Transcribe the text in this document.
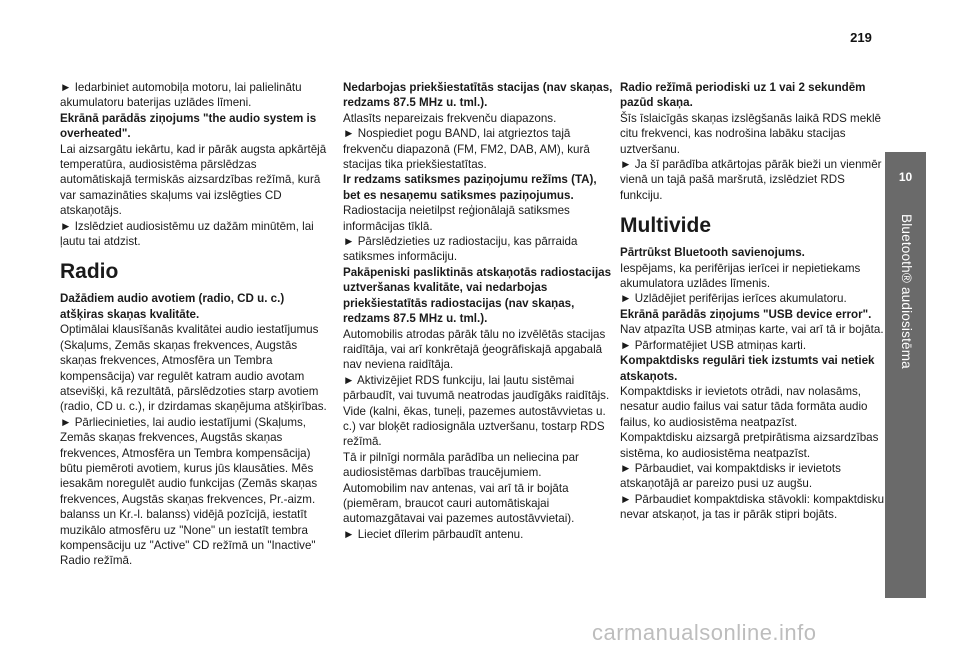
219
10
Bluetooth® audiosistēma

► Iedarbiniet automobiļa motoru, lai palielinātu akumulatoru baterijas uzlādes līmeni.

Ekrānā parādās ziņojums "the audio system is overheated".

Lai aizsargātu iekārtu, kad ir pārāk augsta apkārtējā temperatūra, audiosistēma pārslēdzas automātiskajā termiskās aizsardzības režīmā, kurā var samazināties skaļums vai izslēgties CD atskaņotājs.

► Izslēdziet audiosistēmu uz dažām minūtēm, lai ļautu tai atdzist.

Radio

Dažādiem audio avotiem (radio, CD u. c.) atšķiras skaņas kvalitāte.

Optimālai klausīšanās kvalitātei audio iestatījumus (Skaļums, Zemās skaņas frekvences, Augstās skaņas frekvences, Atmosfēra un Tembra kompensācija) var regulēt katram audio avotam atsevišķi, kā rezultātā, pārslēdzoties starp avotiem (radio, CD u. c.), ir dzirdamas skaņējuma atšķirības.

► Pārliecinieties, lai audio iestatījumi (Skaļums, Zemās skaņas frekvences, Augstās skaņas frekvences, Atmosfēra un Tembra kompensācija) būtu piemēroti avotiem, kurus jūs klausāties. Mēs iesakām noregulēt audio funkcijas (Zemās skaņas frekvences, Augstās skaņas frekvences, Pr.-aizm. balanss un Kr.-l. balanss) vidējā pozīcijā, iestatīt muzikālo atmosfēru uz "None" un iestatīt tembra kompensāciju uz "Active" CD režīmā un "Inactive" Radio režīmā.

Nedarbojas priekšiestatītās stacijas (nav skaņas, redzams 87.5 MHz u. tml.).

Atlasīts nepareizais frekvenču diapazons.

► Nospiediet pogu BAND, lai atgrieztos tajā frekvenču diapazonā (FM, FM2, DAB, AM), kurā stacijas tika priekšiestatītas.

Ir redzams satiksmes paziņojumu režīms (TA), bet es nesaņemu satiksmes paziņojumus.

Radiostacija neietilpst reģionālajā satiksmes informācijas tīklā.

► Pārslēdzieties uz radiostaciju, kas pārraida satiksmes informāciju.

Pakāpeniski pasliktinās atskaņotās radiostacijas uztveršanas kvalitāte, vai nedarbojas priekšiestatītās radiostacijas (nav skaņas, redzams 87.5 MHz u. tml.).

Automobilis atrodas pārāk tālu no izvēlētās stacijas raidītāja, vai arī konkrētajā ģeogrāfiskajā apgabalā nav neviena raidītāja.

► Aktivizējiet RDS funkciju, lai ļautu sistēmai pārbaudīt, vai tuvumā neatrodas jaudīgāks raidītājs.

Vide (kalni, ēkas, tuneļi, pazemes autostāvvietas u. c.) var bloķēt radiosignāla uztveršanu, tostarp RDS režīmā.

Tā ir pilnīgi normāla parādība un neliecina par audiosistēmas darbības traucējumiem.

Automobilim nav antenas, vai arī tā ir bojāta (piemēram, braucot cauri automātiskajai automazgātavai vai pazemes autostāvvietai).

► Lieciet dīlerim pārbaudīt antenu.

Radio režīmā periodiski uz 1 vai 2 sekundēm pazūd skaņa.

Šīs īslaicīgās skaņas izslēgšanās laikā RDS meklē citu frekvenci, kas nodrošina labāku stacijas uztveršanu.

► Ja šī parādība atkārtojas pārāk bieži un vienmēr vienā un tajā pašā maršrutā, izslēdziet RDS funkciju.

Multivide

Pārtrūkst Bluetooth savienojums.

Iespējams, ka perifērijas ierīcei ir nepietiekams akumulatora uzlādes līmenis.

► Uzlādējiet perifērijas ierīces akumulatoru.

Ekrānā parādās ziņojums "USB device error".

Nav atpazīta USB atmiņas karte, vai arī tā ir bojāta.

► Pārformatējiet USB atmiņas karti.

Kompaktdisks regulāri tiek izstumts vai netiek atskaņots.

Kompaktdisks ir ievietots otrādi, nav nolasāms, nesatur audio failus vai satur tāda formāta audio failus, ko audiosistēma neatpazīst.

Kompaktdisku aizsargā pretpirātisma aizsardzības sistēma, ko audiosistēma neatpazīst.

► Pārbaudiet, vai kompaktdisks ir ievietots atskaņotājā ar pareizo pusi uz augšu.

► Pārbaudiet kompaktdiska stāvokli: kompaktdisku nevar atskaņot, ja tas ir pārāk stipri bojāts.

carmanualsonline.info
